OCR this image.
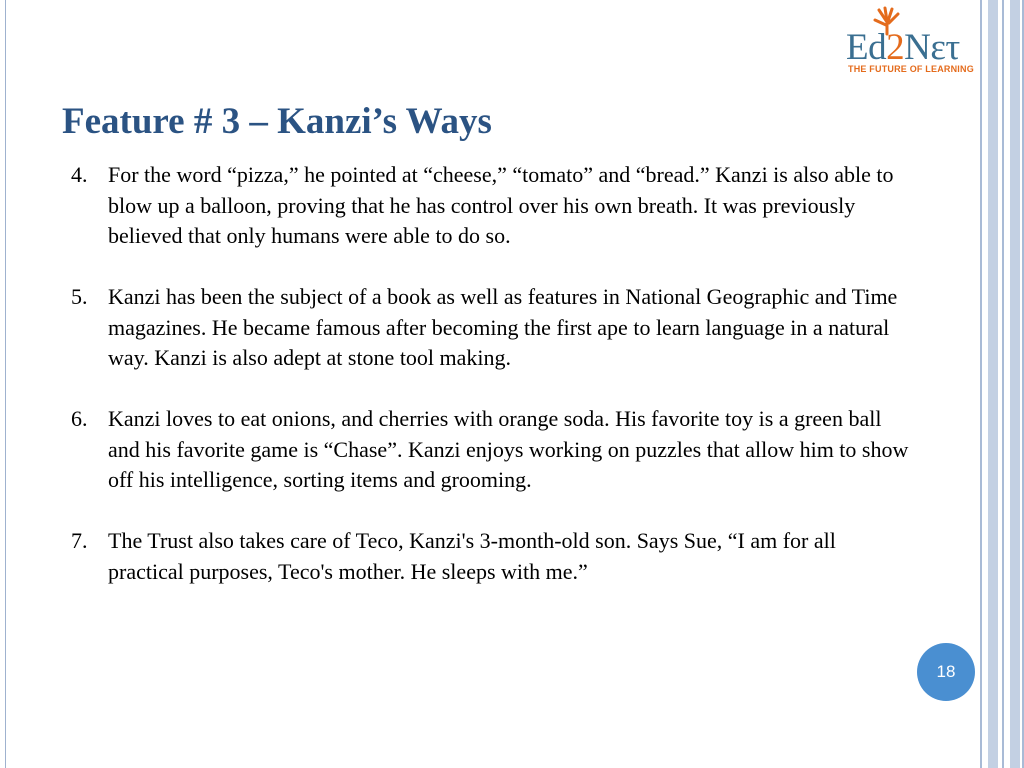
Ed2Nετ
THE FUTURE OF LEARNING
Feature # 3 – Kanzi’s Ways
4. For the word “pizza,” he pointed at “cheese,” “tomato” and “bread.” Kanzi is also able to blow up a balloon, proving that he has control over his own breath. It was previously believed that only humans were able to do so.
5. Kanzi has been the subject of a book as well as features in National Geographic and Time magazines. He became famous after becoming the first ape to learn language in a natural way. Kanzi is also adept at stone tool making.
6. Kanzi loves to eat onions, and cherries with orange soda. His favorite toy is a green ball and his favorite game is “Chase”. Kanzi enjoys working on puzzles that allow him to show off his intelligence, sorting items and grooming.
7. The Trust also takes care of Teco, Kanzi's 3-month-old son. Says Sue, “I am for all practical purposes, Teco's mother. He sleeps with me.”
18
